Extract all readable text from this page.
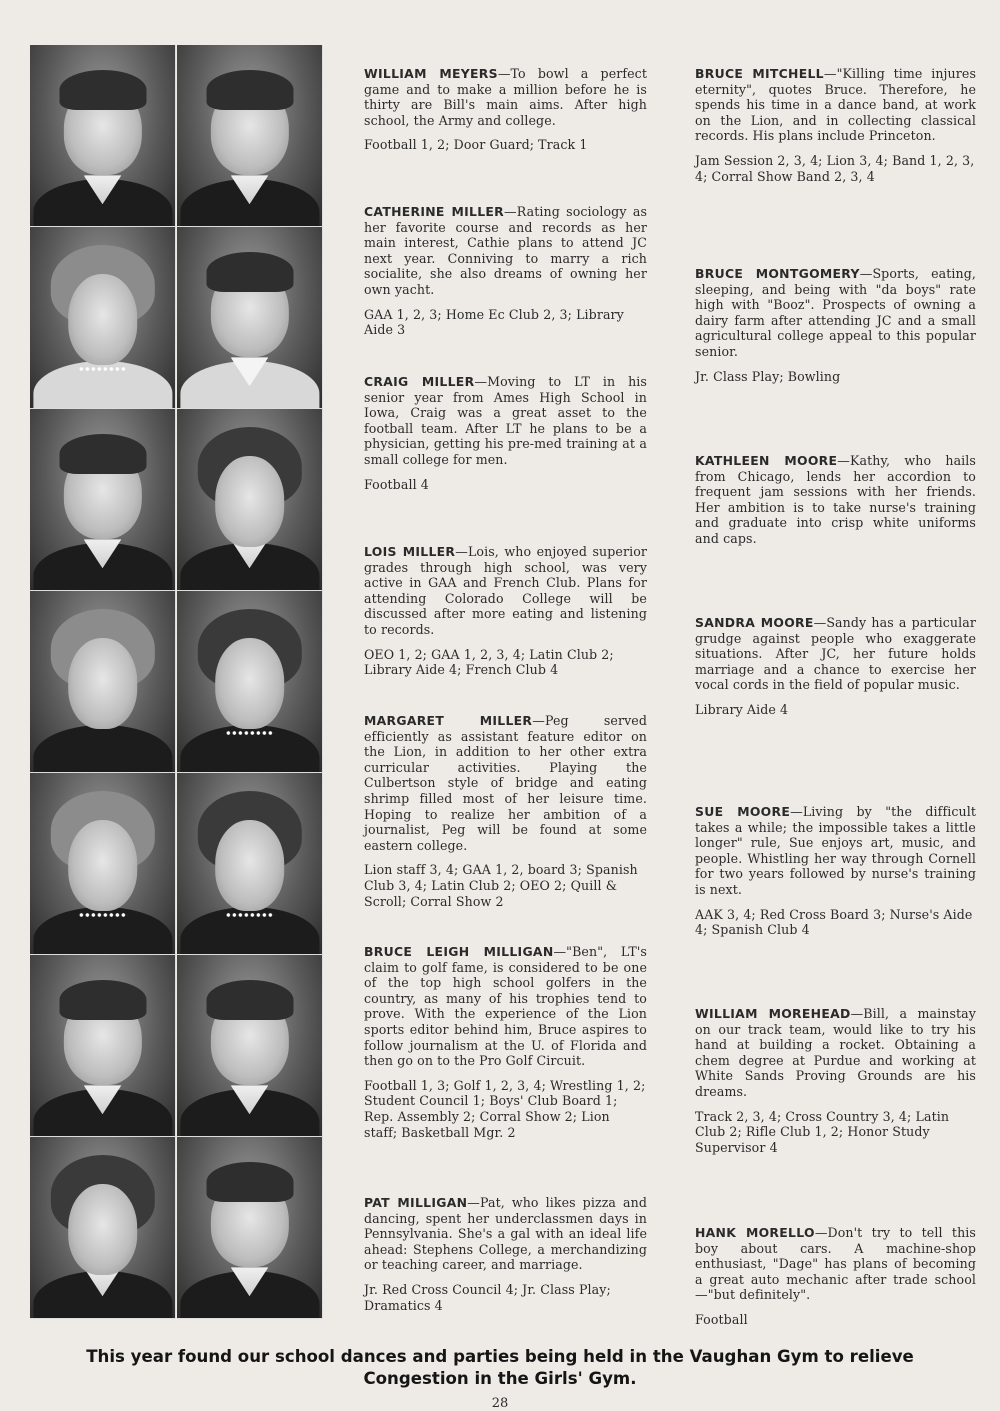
WILLIAM MEYERS—To bowl a perfect game and to make a million before he is thirty are Bill's main aims. After high school, the Army and college.

Football 1, 2; Door Guard; Track 1

CATHERINE MILLER—Rating sociology as her favorite course and records as her main interest, Cathie plans to attend JC next year. Conniving to marry a rich socialite, she also dreams of owning her own yacht.

GAA 1, 2, 3; Home Ec Club 2, 3; Library Aide 3

CRAIG MILLER—Moving to LT in his senior year from Ames High School in Iowa, Craig was a great asset to the football team. After LT he plans to be a physician, getting his pre-med training at a small college for men.

Football 4

LOIS MILLER—Lois, who enjoyed superior grades through high school, was very active in GAA and French Club. Plans for attending Colorado College will be discussed after more eating and listening to records.

OEO 1, 2; GAA 1, 2, 3, 4; Latin Club 2; Library Aide 4; French Club 4

MARGARET MILLER—Peg served efficiently as assistant feature editor on the Lion, in addition to her other extra curricular activities. Playing the Culbertson style of bridge and eating shrimp filled most of her leisure time. Hoping to realize her ambition of a journalist, Peg will be found at some eastern college.

Lion staff 3, 4; GAA 1, 2, board 3; Spanish Club 3, 4; Latin Club 2; OEO 2; Quill & Scroll; Corral Show 2

BRUCE LEIGH MILLIGAN—"Ben", LT's claim to golf fame, is considered to be one of the top high school golfers in the country, as many of his trophies tend to prove. With the experience of the Lion sports editor behind him, Bruce aspires to follow journalism at the U. of Florida and then go on to the Pro Golf Circuit.

Football 1, 3; Golf 1, 2, 3, 4; Wrestling 1, 2; Student Council 1; Boys' Club Board 1; Rep. Assembly 2; Corral Show 2; Lion staff; Basketball Mgr. 2

PAT MILLIGAN—Pat, who likes pizza and dancing, spent her underclassmen days in Pennsylvania. She's a gal with an ideal life ahead: Stephens College, a merchandizing or teaching career, and marriage.

Jr. Red Cross Council 4; Jr. Class Play; Dramatics 4

BRUCE MITCHELL—"Killing time injures eternity", quotes Bruce. Therefore, he spends his time in a dance band, at work on the Lion, and in collecting classical records. His plans include Princeton.

Jam Session 2, 3, 4; Lion 3, 4; Band 1, 2, 3, 4; Corral Show Band 2, 3, 4

BRUCE MONTGOMERY—Sports, eating, sleeping, and being with "da boys" rate high with "Booz". Prospects of owning a dairy farm after attending JC and a small agricultural college appeal to this popular senior.

Jr. Class Play; Bowling

KATHLEEN MOORE—Kathy, who hails from Chicago, lends her accordion to frequent jam sessions with her friends. Her ambition is to take nurse's training and graduate into crisp white uniforms and caps.

SANDRA MOORE—Sandy has a particular grudge against people who exaggerate situations. After JC, her future holds marriage and a chance to exercise her vocal cords in the field of popular music.

Library Aide 4

SUE MOORE—Living by "the difficult takes a while; the impossible takes a little longer" rule, Sue enjoys art, music, and people. Whistling her way through Cornell for two years followed by nurse's training is next.

AAK 3, 4; Red Cross Board 3; Nurse's Aide 4; Spanish Club 4

WILLIAM MOREHEAD—Bill, a mainstay on our track team, would like to try his hand at building a rocket. Obtaining a chem degree at Purdue and working at White Sands Proving Grounds are his dreams.

Track 2, 3, 4; Cross Country 3, 4; Latin Club 2; Rifle Club 1, 2; Honor Study Supervisor 4

HANK MORELLO—Don't try to tell this boy about cars. A machine-shop enthusiast, "Dage" has plans of becoming a great auto mechanic after trade school—"but definitely".

Football

This year found our school dances and parties being held in the Vaughan Gym to relieve
Congestion in the Girls' Gym.
28
